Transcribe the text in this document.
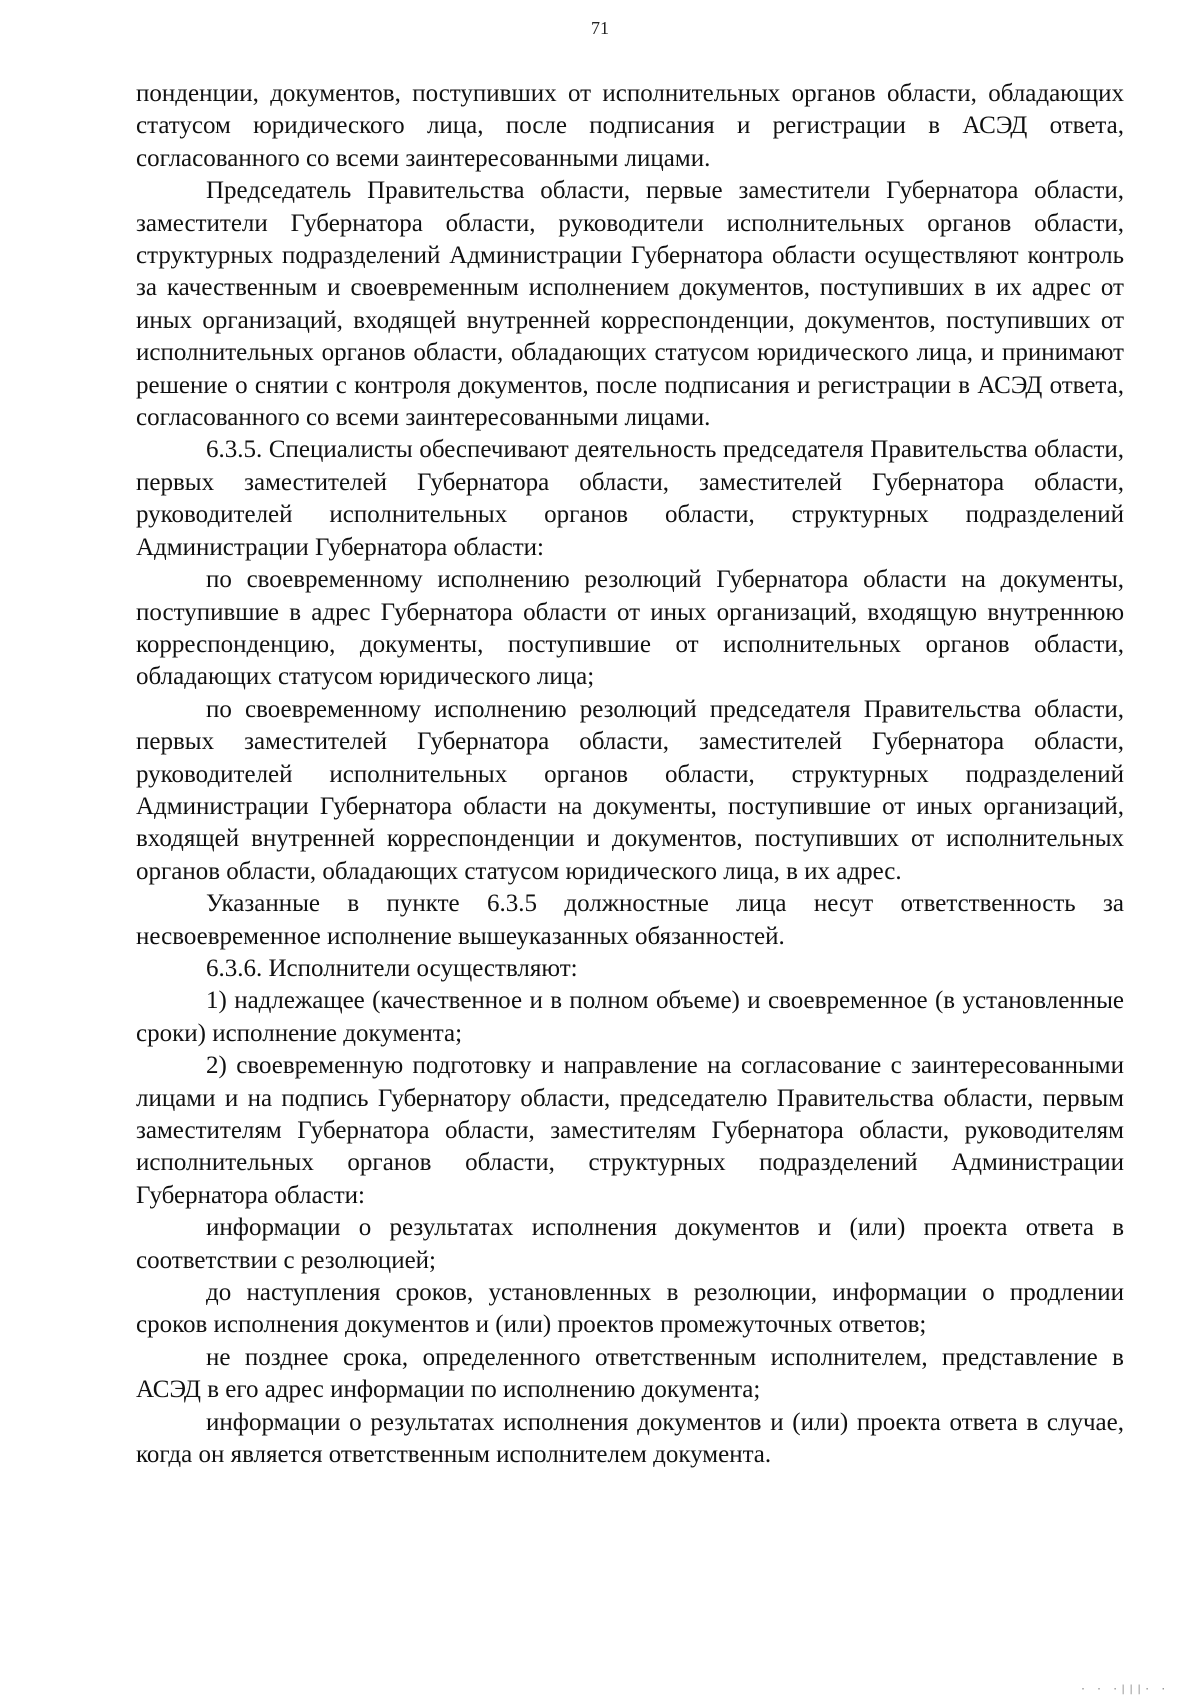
71

понденции, документов, поступивших от исполнительных органов области, обладающих статусом юридического лица, после подписания и регистрации в АСЭД ответа, согласованного со всеми заинтересованными лицами.

Председатель Правительства области, первые заместители Губернатора области, заместители Губернатора области, руководители исполнительных органов области, структурных подразделений Администрации Губернатора области осуществляют контроль за качественным и своевременным исполнением документов, поступивших в их адрес от иных организаций, входящей внутренней корреспонденции, документов, поступивших от исполнительных органов области, обладающих статусом юридического лица, и принимают решение о снятии с контроля документов, после подписания и регистрации в АСЭД ответа, согласованного со всеми заинтересованными лицами.

6.3.5. Специалисты обеспечивают деятельность председателя Правительства области, первых заместителей Губернатора области, заместителей Губернатора области, руководителей исполнительных органов области, структурных подразделений Администрации Губернатора области:

по своевременному исполнению резолюций Губернатора области на документы, поступившие в адрес Губернатора области от иных организаций, входящую внутреннюю корреспонденцию, документы, поступившие от исполнительных органов области, обладающих статусом юридического лица;

по своевременному исполнению резолюций председателя Правительства области, первых заместителей Губернатора области, заместителей Губернатора области, руководителей исполнительных органов области, структурных подразделений Администрации Губернатора области на документы, поступившие от иных организаций, входящей внутренней корреспонденции и документов, поступивших от исполнительных органов области, обладающих статусом юридического лица, в их адрес.

Указанные в пункте 6.3.5 должностные лица несут ответственность за несвоевременное исполнение вышеуказанных обязанностей.

6.3.6. Исполнители осуществляют:

1) надлежащее (качественное и в полном объеме) и своевременное (в установленные сроки) исполнение документа;

2) своевременную подготовку и направление на согласование с заинтересованными лицами и на подпись Губернатору области, председателю Правительства области, первым заместителям Губернатора области, заместителям Губернатора области, руководителям исполнительных органов области, структурных подразделений Администрации Губернатора области:

информации о результатах исполнения документов и (или) проекта ответа в соответствии с резолюцией;

до наступления сроков, установленных в резолюции, информации о продлении сроков исполнения документов и (или) проектов промежуточных ответов;

не позднее срока, определенного ответственным исполнителем, представление в АСЭД в его адрес информации по исполнению документа;

информации о результатах исполнения документов и (или) проекта ответа в случае, когда он является ответственным исполнителем документа.

· · ·|||· ·
